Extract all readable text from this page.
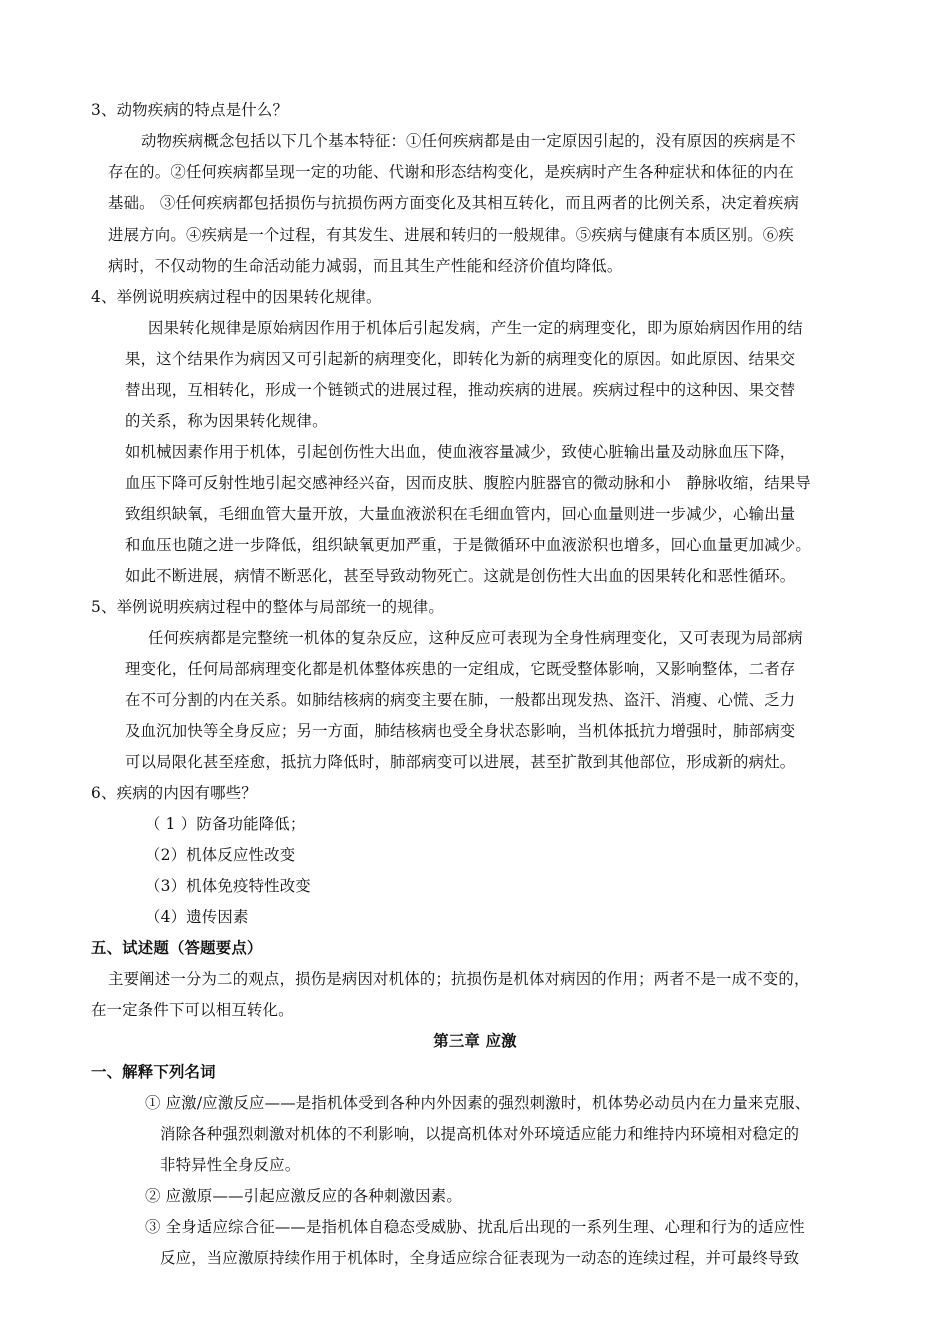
3、动物疾病的特点是什么？
动物疾病概念包括以下几个基本特征：①任何疾病都是由一定原因引起的，没有原因的疾病是不
存在的。②任何疾病都呈现一定的功能、代谢和形态结构变化，是疾病时产生各种症状和体征的内在
基础。 ③任何疾病都包括损伤与抗损伤两方面变化及其相互转化，而且两者的比例关系，决定着疾病
进展方向。④疾病是一个过程，有其发生、进展和转归的一般规律。⑤疾病与健康有本质区别。⑥疾
病时，不仅动物的生命活动能力减弱，而且其生产性能和经济价值均降低。
4、举例说明疾病过程中的因果转化规律。
因果转化规律是原始病因作用于机体后引起发病，产生一定的病理变化，即为原始病因作用的结
果，这个结果作为病因又可引起新的病理变化，即转化为新的病理变化的原因。如此原因、结果交
替出现，互相转化，形成一个链锁式的进展过程，推动疾病的进展。疾病过程中的这种因、果交替
的关系，称为因果转化规律。
如机械因素作用于机体，引起创伤性大出血，使血液容量减少，致使心脏输出量及动脉血压下降，
血压下降可反射性地引起交感神经兴奋，因而皮肤、腹腔内脏器官的微动脉和小　静脉收缩，结果导
致组织缺氧，毛细血管大量开放，大量血液淤积在毛细血管内，回心血量则进一步减少，心输出量
和血压也随之进一步降低，组织缺氧更加严重，于是微循环中血液淤积也增多，回心血量更加减少。
如此不断进展，病情不断恶化，甚至导致动物死亡。这就是创伤性大出血的因果转化和恶性循环。
5、举例说明疾病过程中的整体与局部统一的规律。
任何疾病都是完整统一机体的复杂反应，这种反应可表现为全身性病理变化，又可表现为局部病
理变化，任何局部病理变化都是机体整体疾患的一定组成，它既受整体影响，又影响整体，二者存
在不可分割的内在关系。如肺结核病的病变主要在肺，一般都出现发热、盗汗、消瘦、心慌、乏力
及血沉加快等全身反应；另一方面，肺结核病也受全身状态影响，当机体抵抗力增强时，肺部病变
可以局限化甚至痊愈，抵抗力降低时，肺部病变可以进展，甚至扩散到其他部位，形成新的病灶。
6、疾病的内因有哪些？
（ 1 ）防备功能降低；
（2）机体反应性改变
（3）机体免疫特性改变
（4）遗传因素
五、试述题（答题要点）
主要阐述一分为二的观点，损伤是病因对机体的；抗损伤是机体对病因的作用；两者不是一成不变的，
在一定条件下可以相互转化。
第三章 应激
一、解释下列名词
① 应激/应激反应——是指机体受到各种内外因素的强烈刺激时，机体势必动员内在力量来克服、
消除各种强烈刺激对机体的不利影响，以提高机体对外环境适应能力和维持内环境相对稳定的
非特异性全身反应。
② 应激原——引起应激反应的各种刺激因素。
③ 全身适应综合征——是指机体自稳态受威胁、扰乱后出现的一系列生理、心理和行为的适应性
反应，当应激原持续作用于机体时，全身适应综合征表现为一动态的连续过程，并可最终导致
